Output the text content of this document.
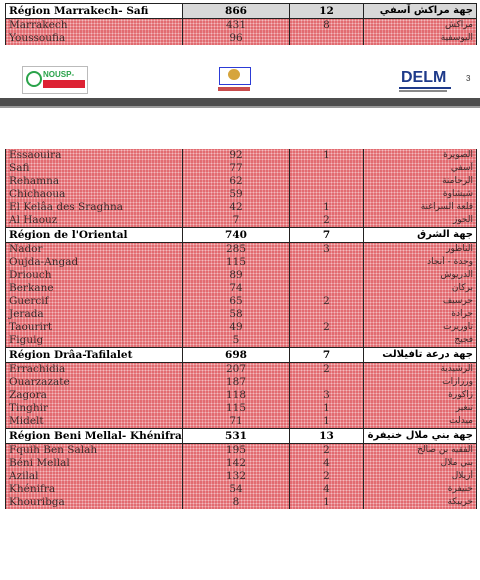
Région Marrakech- Safi	866	12	جهة مراكش آسفي
Marrakech	431	8	مراكش
Youssoufia	96		اليوسفية
NOUSP-	DELM 3
Essaouira	92	1	الصويرة
Safi	77		آسفي
Rehamna	62		الرحامنة
Chichaoua	59		شيشاوة
El Kelâa des Sraghna	42	1	قلعة السراغنة
Al Haouz	7	2	الحوز
Région de l'Oriental	740	7	جهة الشرق
Nador	285	3	الناظور
Oujda-Angad	115		وجدة - أنجاد
Driouch	89		الدريوش
Berkane	74		بركان
Guercif	65	2	جرسيف
Jerada	58		جرادة
Taourirt	49	2	تاوريرت
Figuig	5		فجيج
Région Drâa-Tafilalet	698	7	جهة درعة تافيلالت
Errachidia	207	2	الرشيدية
Ouarzazate	187		ورزازات
Zagora	118	3	زاكورة
Tinghir	115	1	تنغير
Midelt	71	1	ميدلت
Région Beni Mellal- Khénifra	531	13	جهة بني ملال خنيفرة
Fquih Ben Salah	195	2	الفقيه بن صالح
Béni Mellal	142	4	بني ملال
Azilal	132	2	أزيلال
Khénifra	54	4	خنيفرة
Khouribga	8	1	خريبكة
